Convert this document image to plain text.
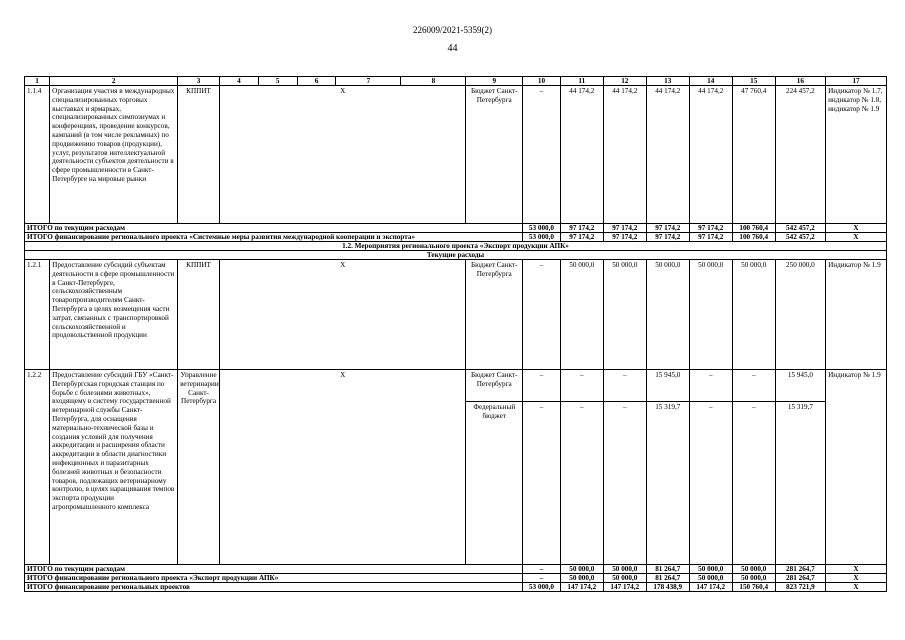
226009/2021-5359(2)
44
1	2	3	4	5	6	7	8	9	10	11	12	13	14	15	16	17
1.1.4	Организация участия в международных специализированных торговых выставках и ярмарках, специализированных симпозиумах и конференциях, проведение конкурсов, кампаний (в том числе рекламных) по продвижению товаров (продукции), услуг, результатов интеллектуальной деятельности субъектов деятельности в сфере промышленности в Санкт-Петербурге на мировые рынки	КППИТ	Х					Бюджет Санкт-Петербурга	–	44 174,2	44 174,2	44 174,2	44 174,2	47 760,4	224 457,2	Индикатор № 1.7, индикатор № 1.8, индикатор № 1.9
ИТОГО по текущим расходам									53 000,0	97 174,2	97 174,2	97 174,2	97 174,2	100 760,4	542 457,2	Х
ИТОГО финансирование регионального проекта «Системные меры развития международной кооперации и экспорта»									53 000,0	97 174,2	97 174,2	97 174,2	97 174,2	100 760,4	542 457,2	Х
1.2. Мероприятия регионального проекта «Экспорт продукции АПК»																
Текущие расходы																
1.2.1	Предоставление субсидий субъектам деятельности в сфере промышленности в Санкт-Петербурге, сельскохозяйственным товаропроизводителям Санкт-Петербурга в целях возмещения части затрат, связанных с транспортировкой сельскохозяйственной и продовольственной продукции	КППИТ	Х					Бюджет Санкт-Петербурга	–	50 000,0	50 000,0	50 000,0	50 000,0	50 000,0	250 000,0	Индикатор № 1.9
1.2.2	Предоставление субсидий ГБУ «Санкт-Петербургская городская станция по борьбе с болезнями животных», входящему в систему государственной ветеринарной службы Санкт-Петербурга, для оснащения материально-технической базы и создания условий для получения аккредитации и расширения области аккредитации в области диагностики инфекционных и паразитарных болезней животных и безопасности товаров, подлежащих ветеринарному контролю, в целях наращивания темпов экспорта продукции агропромышленного комплекса	Управление ветеринарии Санкт-Петербурга	Х					Бюджет Санкт-Петербурга	–	–	–	15 945,0	–	–	15 945,0	Индикатор № 1.9
								Федеральный бюджет	–	–	–	15 319,7	–	–	15 319,7	
ИТОГО по текущим расходам									–	50 000,0	50 000,0	81 264,7	50 000,0	50 000,0	281 264,7	Х
ИТОГО финансирование регионального проекта «Экспорт продукции АПК»									–	50 000,0	50 000,0	81 264,7	50 000,0	50 000,0	281 264,7	Х
ИТОГО финансирование региональных проектов									53 000,0	147 174,2	147 174,2	178 438,9	147 174,2	150 760,4	823 721,9	Х
